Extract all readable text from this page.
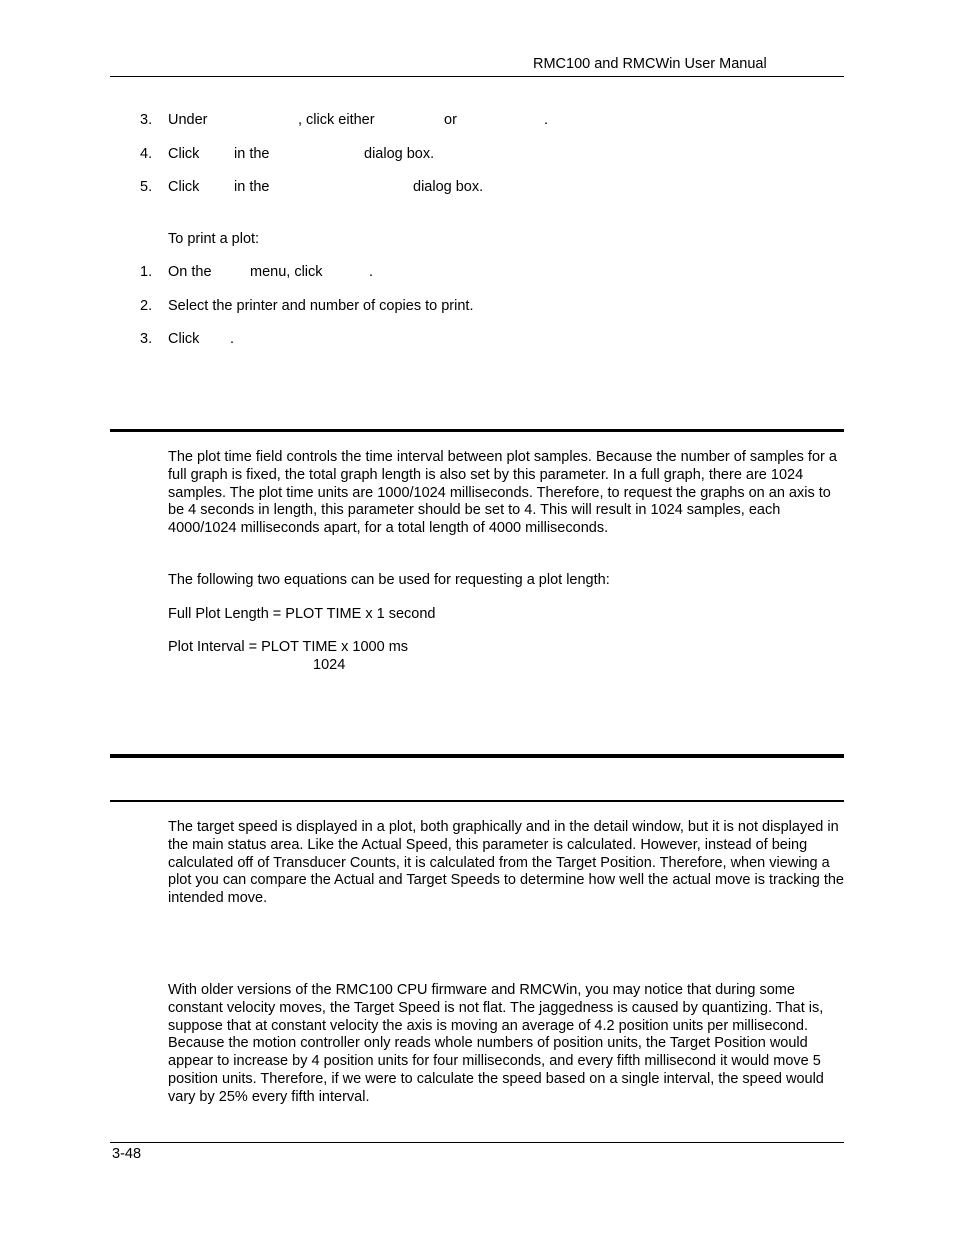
RMC100 and RMCWin User Manual
3. Under	, click either	or	.
4. Click in the	dialog box.
5. Click in the	dialog box.
To print a plot:
1. On the	menu, click	.
2. Select the printer and number of copies to print.
3. Click .
The plot time field controls the time interval between plot samples. Because the number of samples for a full graph is fixed, the total graph length is also set by this parameter. In a full graph, there are 1024 samples. The plot time units are 1000/1024 milliseconds. Therefore, to request the graphs on an axis to be 4 seconds in length, this parameter should be set to 4. This will result in 1024 samples, each 4000/1024 milliseconds apart, for a total length of 4000 milliseconds.
The following two equations can be used for requesting a plot length:
Full Plot Length = PLOT TIME x 1 second
Plot Interval = PLOT TIME x 1000 ms
1024
The target speed is displayed in a plot, both graphically and in the detail window, but it is not displayed in the main status area. Like the Actual Speed, this parameter is calculated. However, instead of being calculated off of Transducer Counts, it is calculated from the Target Position. Therefore, when viewing a plot you can compare the Actual and Target Speeds to determine how well the actual move is tracking the intended move.
With older versions of the RMC100 CPU firmware and RMCWin, you may notice that during some constant velocity moves, the Target Speed is not flat. The jaggedness is caused by quantizing. That is, suppose that at constant velocity the axis is moving an average of 4.2 position units per millisecond. Because the motion controller only reads whole numbers of position units, the Target Position would appear to increase by 4 position units for four milliseconds, and every fifth millisecond it would move 5 position units. Therefore, if we were to calculate the speed based on a single interval, the speed would vary by 25% every fifth interval.
3-48
